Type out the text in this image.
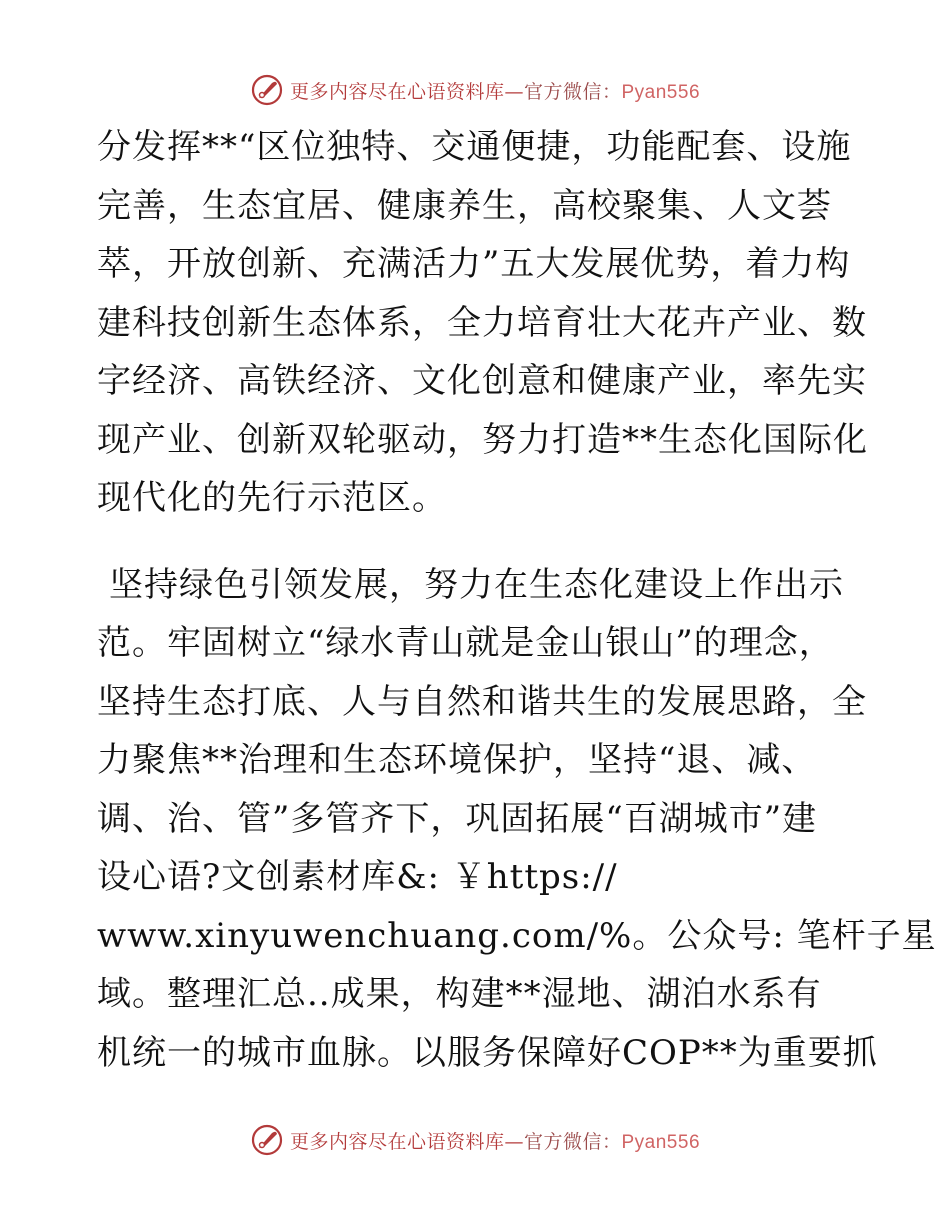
更多内容尽在心语资料库—官方微信：Pyan556
分发挥**“区位独特、交通便捷，功能配套、设施
完善，生态宜居、健康养生，高校聚集、人文荟
萃，开放创新、充满活力”五大发展优势，着力构
建科技创新生态体系，全力培育壮大花卉产业、数
字经济、高铁经济、文化创意和健康产业，率先实
现产业、创新双轮驱动，努力打造**生态化国际化
现代化的先行示范区。
坚持绿色引领发展，努力在生态化建设上作出示
范。牢固树立“绿水青山就是金山银山”的理念，
坚持生态打底、人与自然和谐共生的发展思路，全
力聚焦**治理和生态环境保护，坚持“退、减、
调、治、管”多管齐下，巩固拓展“百湖城市”建
设心语?文创素材库&: ￥https://
www.xinyuwenchuang.com/%。公众号: 笔杆子星
域。整理汇总..成果，构建**湿地、湖泊水系有
机统一的城市血脉。以服务保障好COP**为重要抓
更多内容尽在心语资料库—官方微信：Pyan556
